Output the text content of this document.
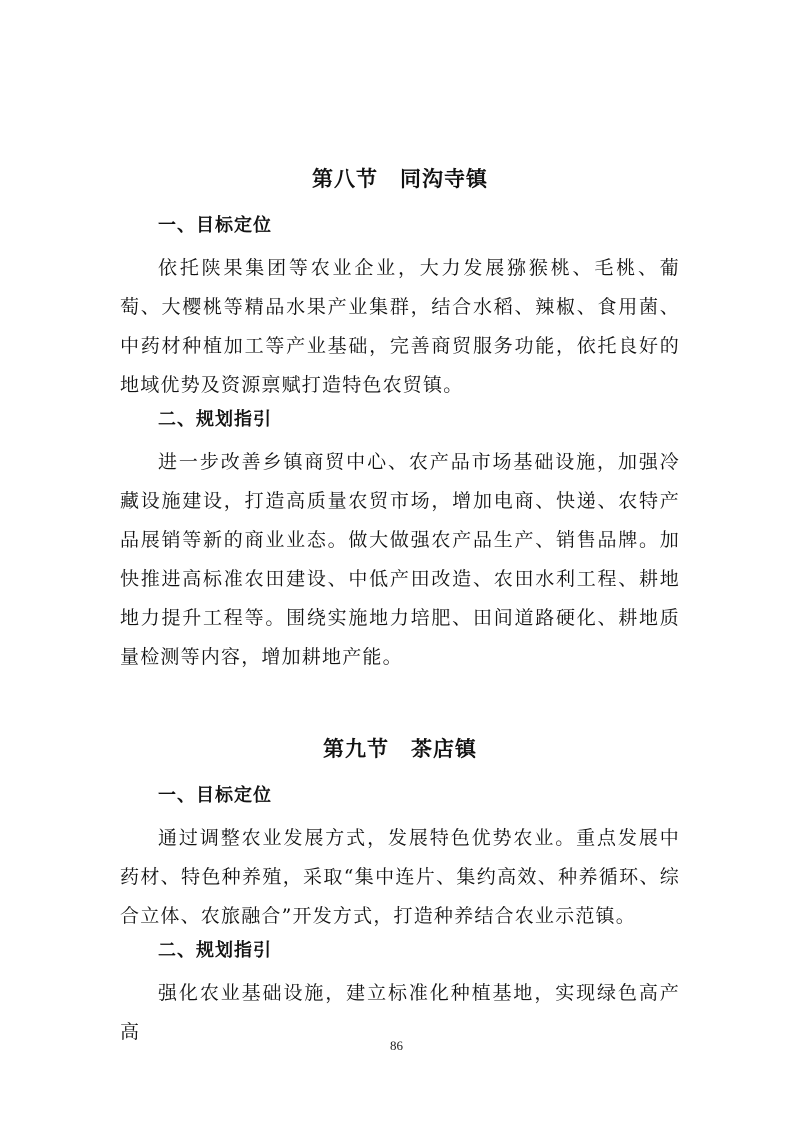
第八节　同沟寺镇
一、目标定位

依托陕果集团等农业企业，大力发展猕猴桃、毛桃、葡萄、大樱桃等精品水果产业集群，结合水稻、辣椒、食用菌、中药材种植加工等产业基础，完善商贸服务功能，依托良好的地域优势及资源禀赋打造特色农贸镇。

二、规划指引

进一步改善乡镇商贸中心、农产品市场基础设施，加强冷藏设施建设，打造高质量农贸市场，增加电商、快递、农特产品展销等新的商业业态。做大做强农产品生产、销售品牌。加快推进高标准农田建设、中低产田改造、农田水利工程、耕地地力提升工程等。围绕实施地力培肥、田间道路硬化、耕地质量检测等内容，增加耕地产能。

第九节　茶店镇
一、目标定位

通过调整农业发展方式，发展特色优势农业。重点发展中药材、特色种养殖，采取“集中连片、集约高效、种养循环、综合立体、农旅融合”开发方式，打造种养结合农业示范镇。

二、规划指引

强化农业基础设施，建立标准化种植基地，实现绿色高产高

86
